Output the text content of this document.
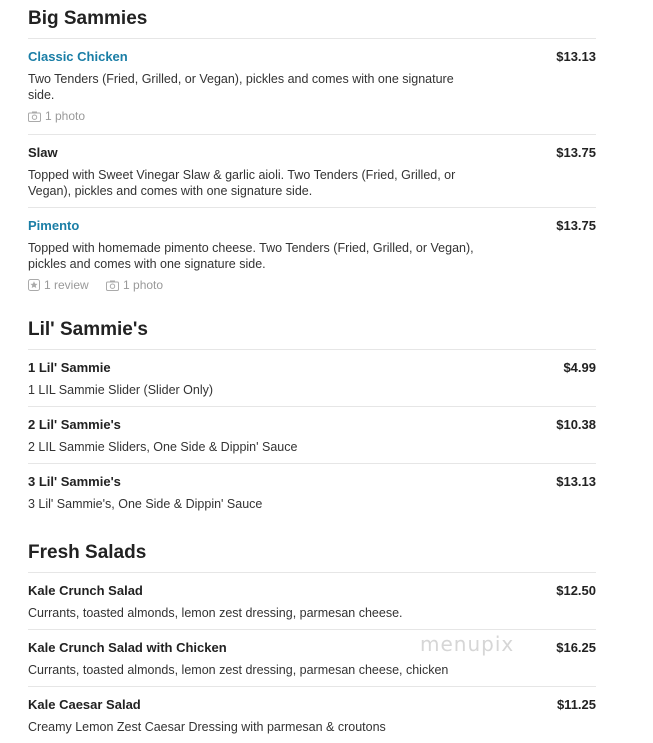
Big Sammies
Classic Chicken	$13.13
Two Tenders (Fried, Grilled, or Vegan), pickles and comes with one signature side.
1 photo
Slaw	$13.75
Topped with Sweet Vinegar Slaw & garlic aioli. Two Tenders (Fried, Grilled, or Vegan), pickles and comes with one signature side.
Pimento	$13.75
Topped with homemade pimento cheese. Two Tenders (Fried, Grilled, or Vegan), pickles and comes with one signature side.
1 review
	1 photo
Lil' Sammie's
1 Lil' Sammie	$4.99
1 LIL Sammie Slider (Slider Only)
2 Lil' Sammie's	$10.38
2 LIL Sammie Sliders, One Side & Dippin' Sauce
3 Lil' Sammie's	$13.13
3 Lil' Sammie's, One Side & Dippin' Sauce
Fresh Salads
Kale Crunch Salad	$12.50
Currants, toasted almonds, lemon zest dressing, parmesan cheese.
Kale Crunch Salad with Chicken	$16.25
Currants, toasted almonds, lemon zest dressing, parmesan cheese, chicken
Kale Caesar Salad	$11.25
Creamy Lemon Zest Caesar Dressing with parmesan & croutons
menupix
